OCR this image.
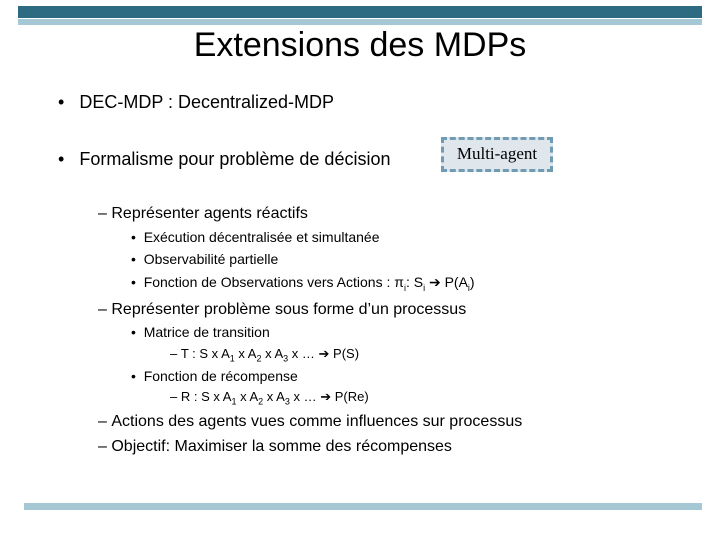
Extensions des MDPs
• DEC-MDP : Decentralized-MDP
• Formalisme pour problème de décision	Multi-agent
– Représenter agents réactifs
• Exécution décentralisée et simultanée
• Observabilité partielle
• Fonction de Observations vers Actions : $\pi_i$: $S_i$ ➔ $P(A_i)$
– Représenter problème sous forme d’un processus
• Matrice de transition
– T : S x $A_1$ x $A_2$ x $A_3$ x … ➔ P(S)
• Fonction de récompense
– R : S x $A_1$ x $A_2$ x $A_3$ x … ➔ P(Re)
– Actions des agents vues comme influences sur processus
– Objectif: Maximiser la somme des récompenses
